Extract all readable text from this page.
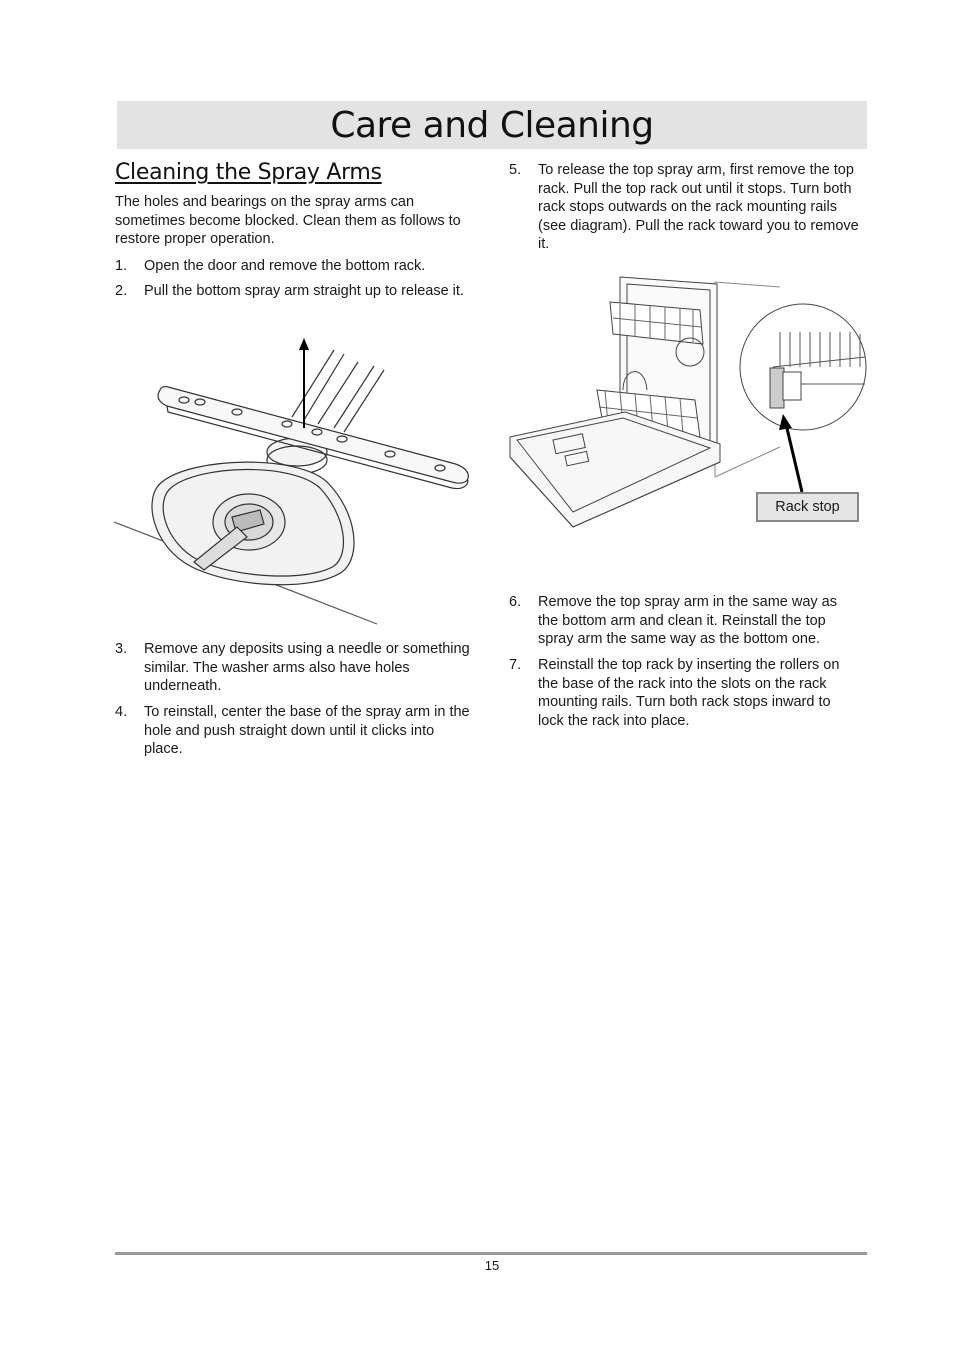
Care and Cleaning
Cleaning the Spray Arms

The holes and bearings on the spray arms can sometimes become blocked. Clean them as follows to restore proper operation.

1.	Open the door and remove the bottom rack.
2.	Pull the bottom spray arm straight up to release it.
3.	Remove any deposits using a needle or something similar. The washer arms also have holes underneath.
4.	To reinstall, center the base of the spray arm in the hole and push straight down until it clicks into place.
5.	To release the top spray arm, first remove the top rack. Pull the top rack out until it stops. Turn both rack stops outwards on the rack mounting rails (see diagram). Pull the rack toward you to remove it.
Rack stop
6.	Remove the top spray arm in the same way as the bottom arm and clean it. Reinstall the top spray arm the same way as the bottom one.
7.	Reinstall the top rack by inserting the rollers on the base of the rack into the slots on the rack mounting rails. Turn both rack stops inward to lock the rack into place.
15
